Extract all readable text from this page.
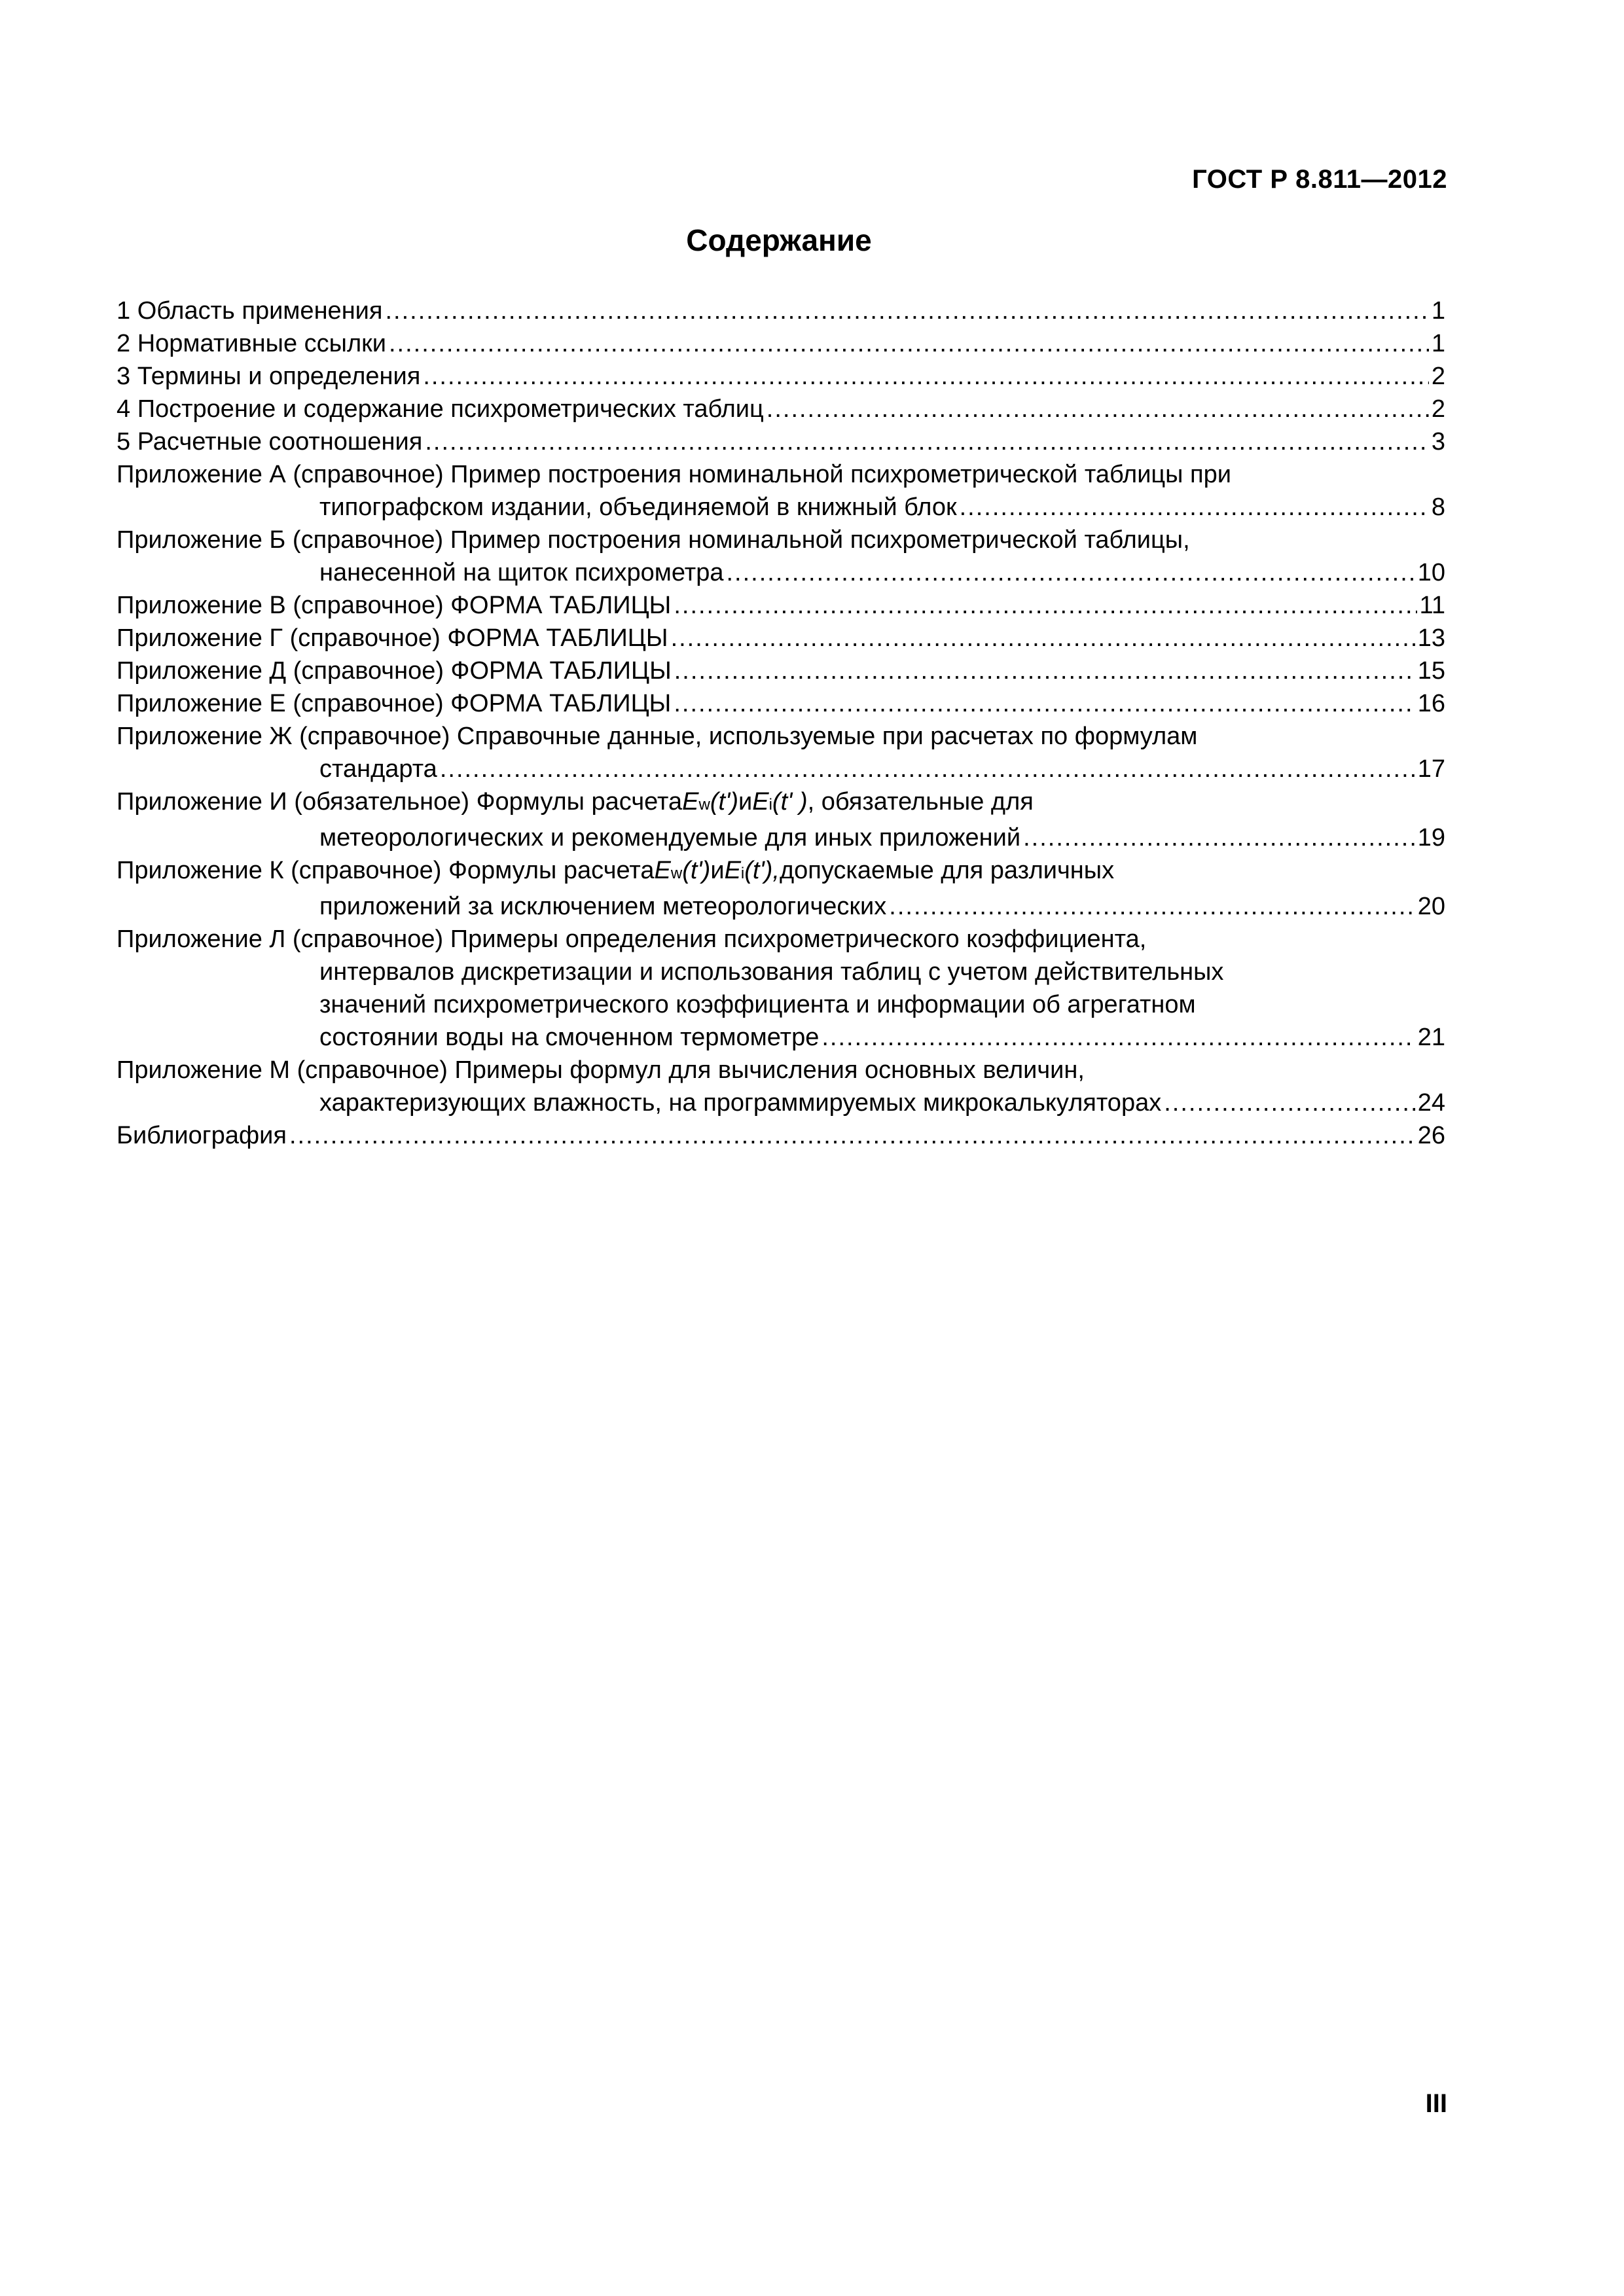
ГОСТ Р 8.811—2012
Содержание
1 Область применения .....	1
2 Нормативные ссылки .....	1
3 Термины и определения .....	2
4 Построение и содержание психрометрических таблиц .....	2
5 Расчетные соотношения .....	3
Приложение А (справочное) Пример построения номинальной психрометрической таблицы при
типографском издании, объединяемой в книжный блок .....	8
Приложение Б (справочное) Пример построения номинальной психрометрической таблицы,
нанесенной на щиток психрометра .....	10
Приложение В (справочное) ФОРМА ТАБЛИЦЫ .....	11
Приложение Г (справочное) ФОРМА ТАБЛИЦЫ .....	13
Приложение Д (справочное) ФОРМА ТАБЛИЦЫ .....	15
Приложение Е (справочное) ФОРМА ТАБЛИЦЫ .....	16
Приложение Ж (справочное) Справочные данные, используемые при расчетах по формулам
стандарта .....	17
Приложение И (обязательное) Формулы расчета E w (t') и E i (t' ) , обязательные для
метеорологических и рекомендуемые для иных приложений .....	19
Приложение К (справочное) Формулы расчета E w (t') и E i (t'), допускаемые для различных
приложений за исключением метеорологических .....	20
Приложение Л (справочное) Примеры определения психрометрического коэффициента,
интервалов дискретизации и использования таблиц с учетом действительных
значений психрометрического коэффициента и информации об агрегатном
состоянии воды на смоченном термометре .....	21
Приложение М (справочное) Примеры формул для вычисления основных величин,
характеризующих влажность, на программируемых микрокалькуляторах .....	24
Библиография .....	26
III
